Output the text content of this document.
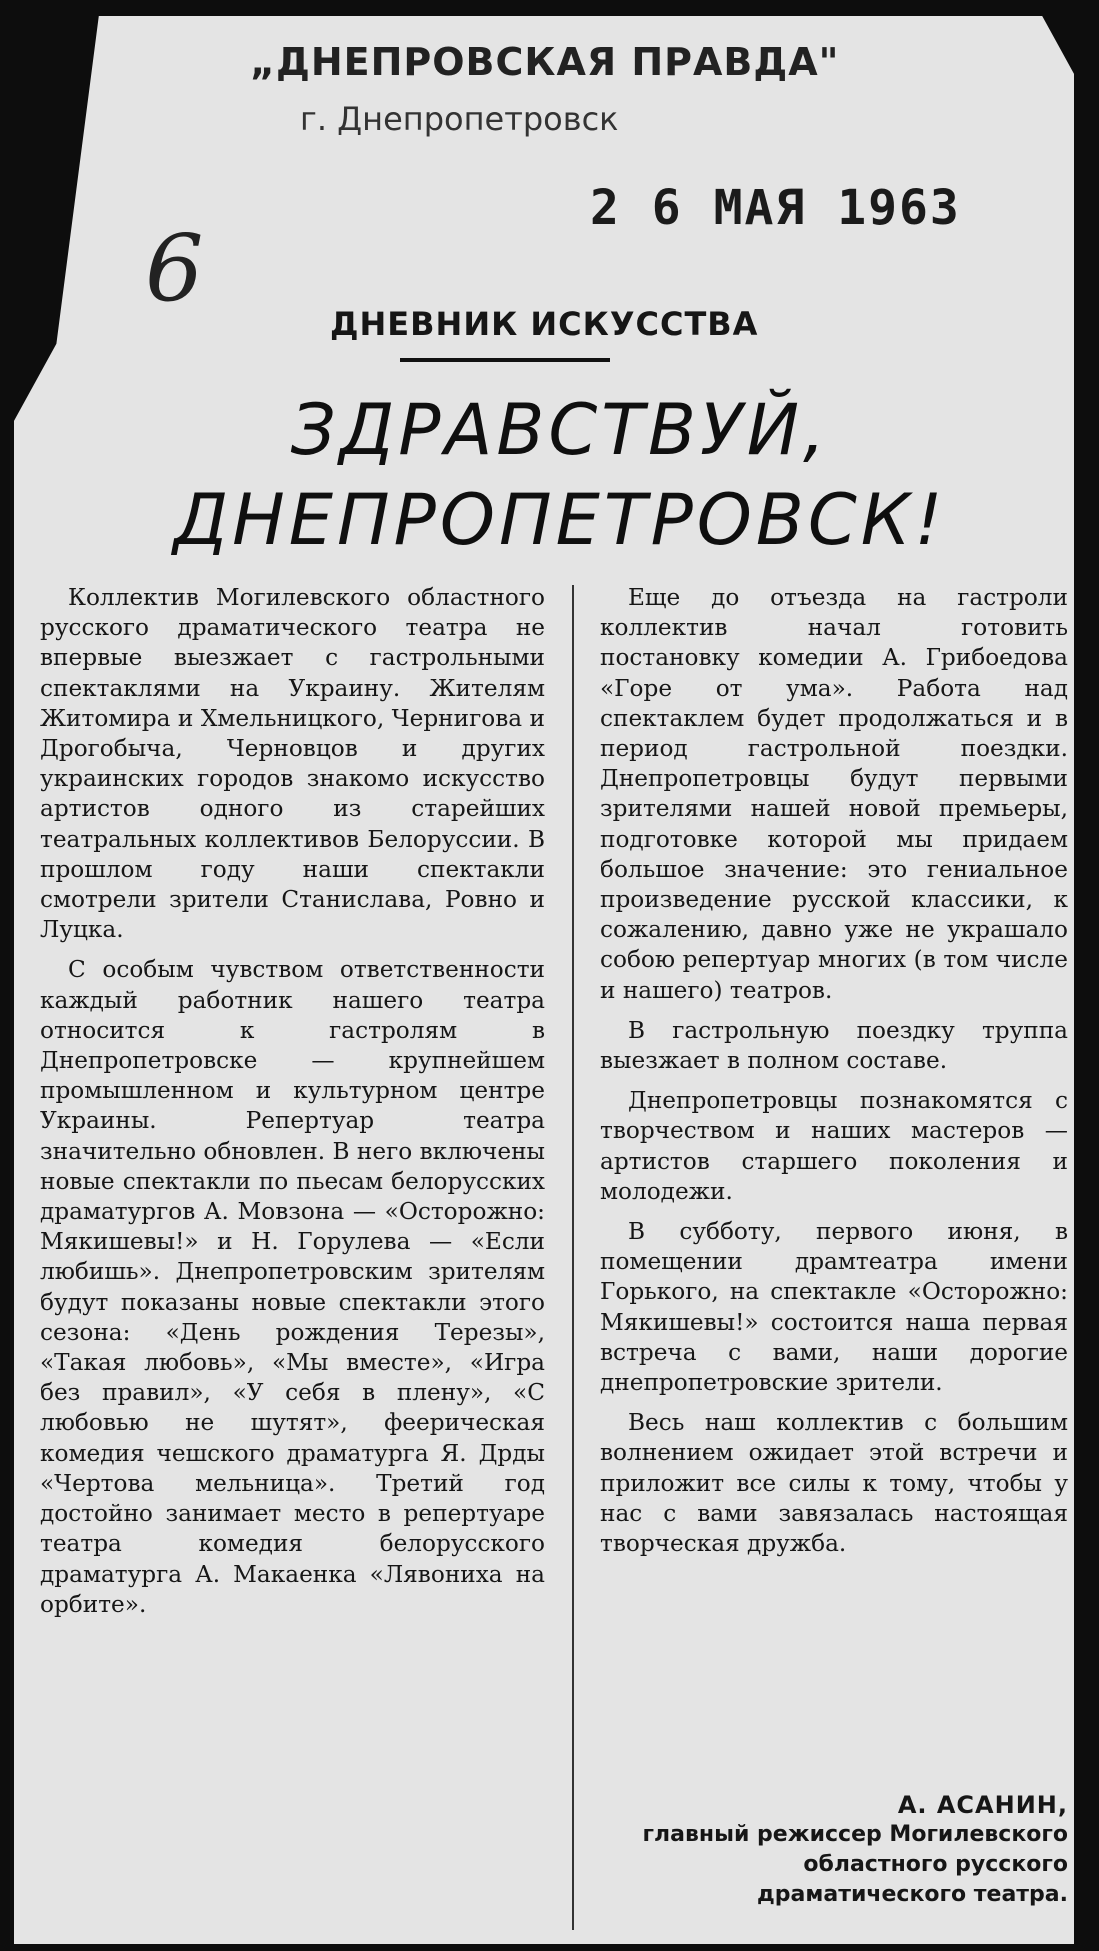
„ДНЕПРОВСКАЯ ПРАВДА"
г. Днепропетровск
2 6 МАЯ 1963
6
ДНЕВНИК ИСКУССТВА
ЗДРАВСТВУЙ,
ДНЕПРОПЕТРОВСК!

Коллектив Могилевского областного русского драматического театра не впервые выезжает с гастрольными спектаклями на Украину. Жителям Житомира и Хмельницкого, Чернигова и Дрогобыча, Черновцов и других украинских городов знакомо искусство артистов одного из старейших театральных коллективов Белоруссии. В прошлом году наши спектакли смотрели зрители Станислава, Ровно и Луцка.

С особым чувством ответственности каждый работник нашего театра относится к гастролям в Днепропетровске — крупнейшем промышленном и культурном центре Украины. Репертуар театра значительно обновлен. В него включены новые спектакли по пьесам белорусских драматургов А. Мовзона — «Осторожно: Мякишевы!» и Н. Горулева — «Если любишь». Днепропетровским зрителям будут показаны новые спектакли этого сезона: «День рождения Терезы», «Такая любовь», «Мы вместе», «Игра без правил», «У себя в плену», «С любовью не шутят», феерическая комедия чешского драматурга Я. Дрды «Чертова мельница». Третий год достойно занимает место в репертуаре театра комедия белорусского драматурга А. Макаенка «Лявониха на орбите».

Еще до отъезда на гастроли коллектив начал готовить постановку комедии А. Грибоедова «Горе от ума». Работа над спектаклем будет продолжаться и в период гастрольной поездки. Днепропетровцы будут первыми зрителями нашей новой премьеры, подготовке которой мы придаем большое значение: это гениальное произведение русской классики, к сожалению, давно уже не украшало собою репертуар многих (в том числе и нашего) театров.

В гастрольную поездку труппа выезжает в полном составе.

Днепропетровцы познакомятся с творчеством и наших мастеров — артистов старшего поколения и молодежи.

В субботу, первого июня, в помещении драмтеатра имени Горького, на спектакле «Осторожно: Мякишевы!» состоится наша первая встреча с вами, наши дорогие днепропетровские зрители.

Весь наш коллектив с большим волнением ожидает этой встречи и приложит все силы к тому, чтобы у нас с вами завязалась настоящая творческая дружба.

А. АСАНИН,
главный режиссер Могилевского областного русского драматического театра.
